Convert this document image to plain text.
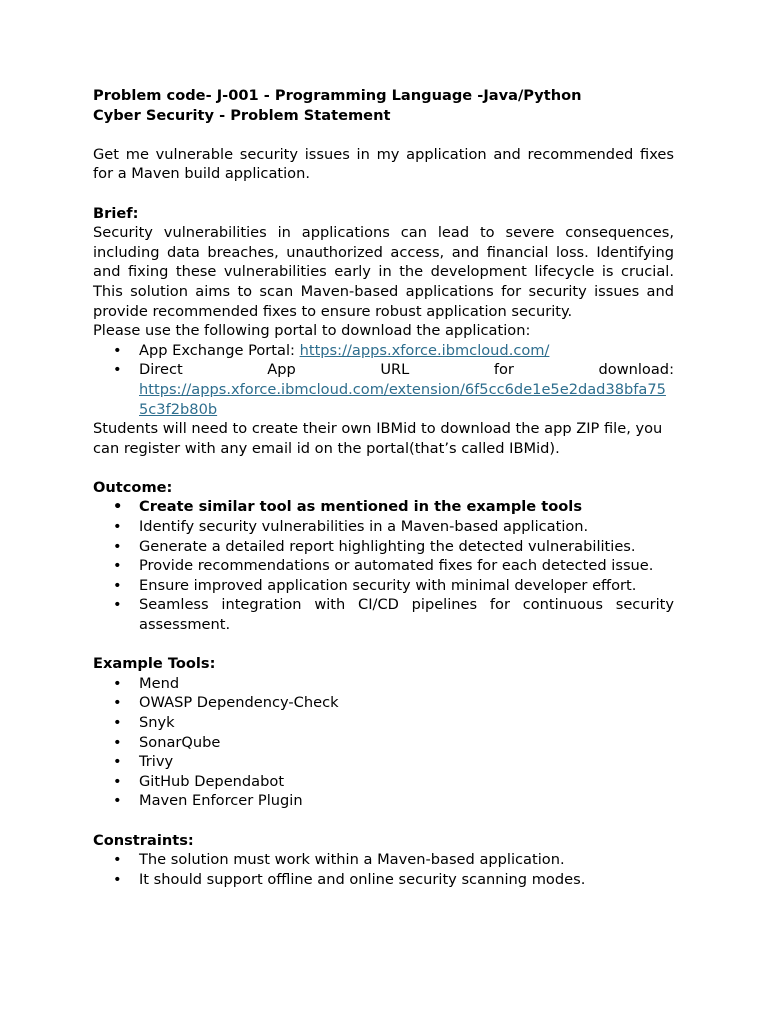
Problem code- J-001 - Programming Language -Java/Python

Cyber Security - Problem Statement

Get me vulnerable security issues in my application and recommended fixes for a Maven build application.

Brief:

Security vulnerabilities in applications can lead to severe consequences, including data breaches, unauthorized access, and financial loss. Identifying and fixing these vulnerabilities early in the development lifecycle is crucial. This solution aims to scan Maven-based applications for security issues and provide recommended fixes to ensure robust application security.

Please use the following portal to download the application:

• App Exchange Portal: https://apps.xforce.ibmcloud.com/
• Direct	App	URL	for	download:
https://apps.xforce.ibmcloud.com/extension/6f5cc6de1e5e2dad38bfa755c3f2b80b

Students will need to create their own IBMid to download the app ZIP file, you can register with any email id on the portal(that’s called IBMid).

Outcome:

• Create similar tool as mentioned in the example tools
• Identify security vulnerabilities in a Maven-based application.
• Generate a detailed report highlighting the detected vulnerabilities.
• Provide recommendations or automated fixes for each detected issue.
• Ensure improved application security with minimal developer effort.
• Seamless integration with CI/CD pipelines for continuous security assessment.

Example Tools:

• Mend
• OWASP Dependency-Check
• Snyk
• SonarQube
• Trivy
• GitHub Dependabot
• Maven Enforcer Plugin

Constraints:

• The solution must work within a Maven-based application.
• It should support offline and online security scanning modes.
